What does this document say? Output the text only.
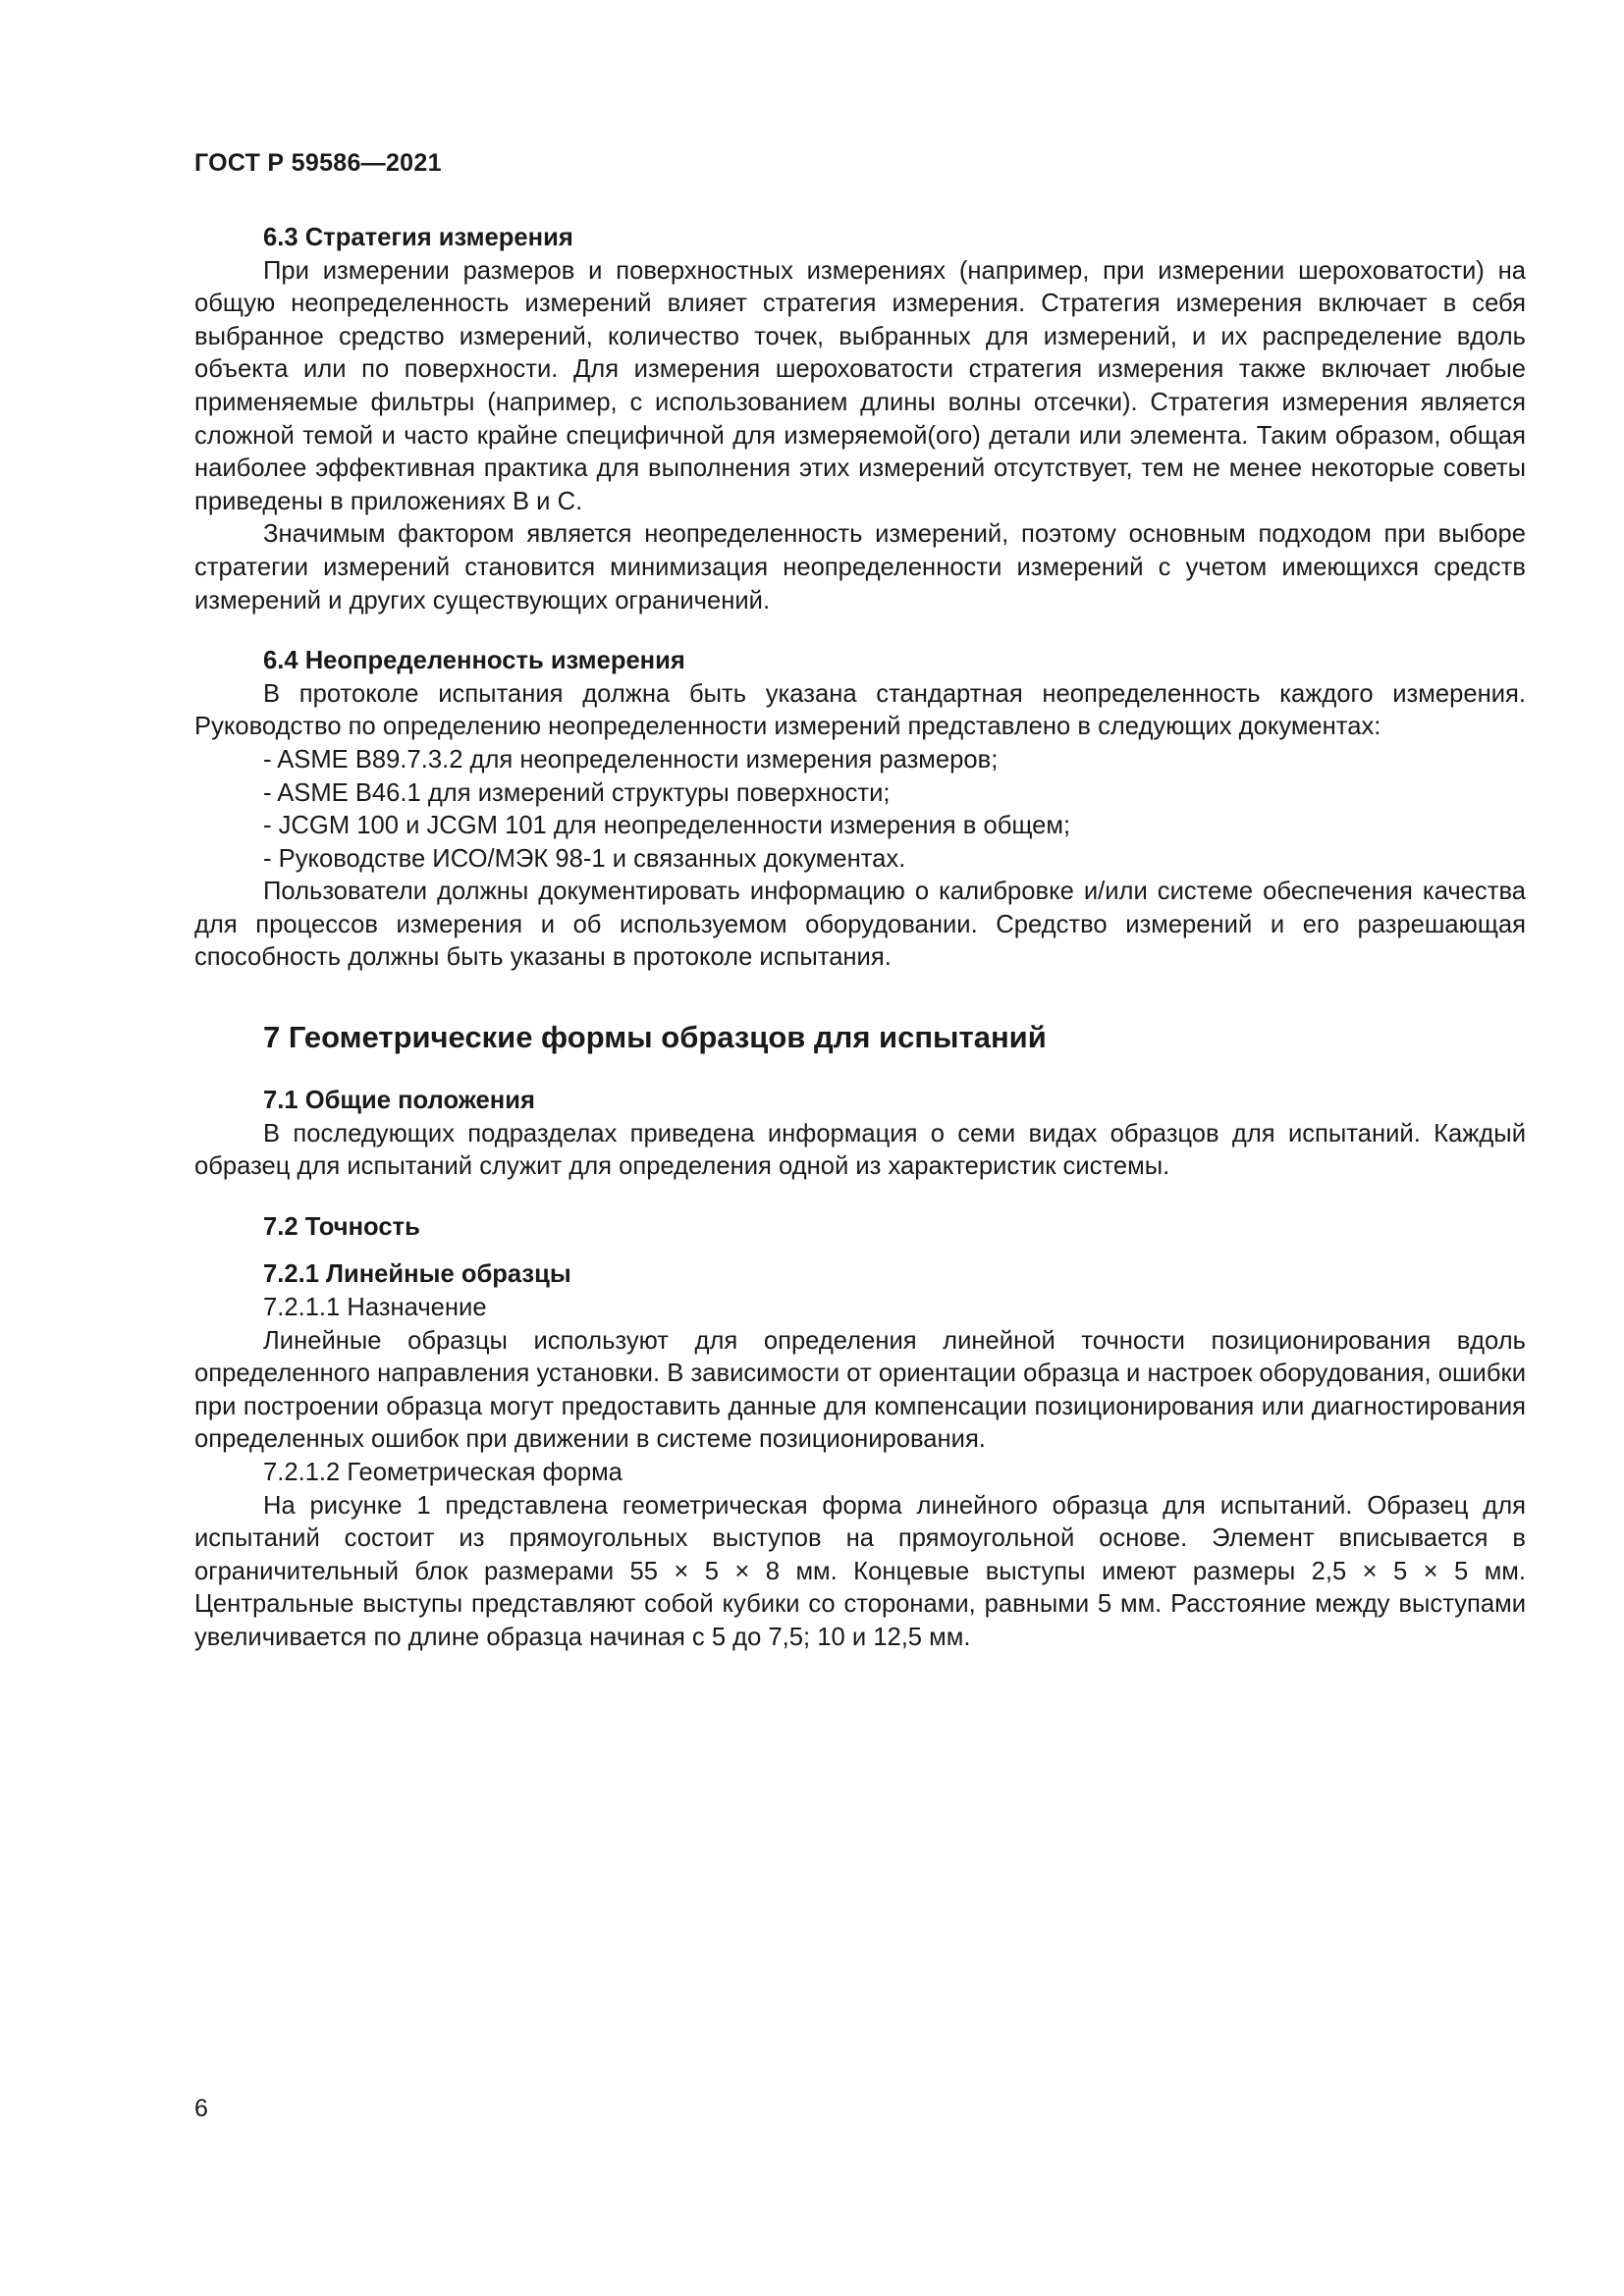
ГОСТ Р 59586—2021
6.3 Стратегия измерения

При измерении размеров и поверхностных измерениях (например, при измерении шероховатости) на общую неопределенность измерений влияет стратегия измерения. Стратегия измерения включает в себя выбранное средство измерений, количество точек, выбранных для измерений, и их распределение вдоль объекта или по поверхности. Для измерения шероховатости стратегия измерения также включает любые применяемые фильтры (например, с использованием длины волны отсечки). Стратегия измерения является сложной темой и часто крайне специфичной для измеряемой(ого) детали или элемента. Таким образом, общая наиболее эффективная практика для выполнения этих измерений отсутствует, тем не менее некоторые советы приведены в приложениях B и C.

Значимым фактором является неопределенность измерений, поэтому основным подходом при выборе стратегии измерений становится минимизация неопределенности измерений с учетом имеющихся средств измерений и других существующих ограничений.

6.4 Неопределенность измерения

В протоколе испытания должна быть указана стандартная неопределенность каждого измерения. Руководство по определению неопределенности измерений представлено в следующих документах:

- ASME B89.7.3.2 для неопределенности измерения размеров;
- ASME B46.1 для измерений структуры поверхности;
- JCGM 100 и JCGM 101 для неопределенности измерения в общем;
- Руководстве ИСО/МЭК 98-1 и связанных документах.

Пользователи должны документировать информацию о калибровке и/или системе обеспечения качества для процессов измерения и об используемом оборудовании. Средство измерений и его разрешающая способность должны быть указаны в протоколе испытания.

7 Геометрические формы образцов для испытаний
7.1 Общие положения

В последующих подразделах приведена информация о семи видах образцов для испытаний. Каждый образец для испытаний служит для определения одной из характеристик системы.

7.2 Точность
7.2.1 Линейные образцы
7.2.1.1 Назначение

Линейные образцы используют для определения линейной точности позиционирования вдоль определенного направления установки. В зависимости от ориентации образца и настроек оборудования, ошибки при построении образца могут предоставить данные для компенсации позиционирования или диагностирования определенных ошибок при движении в системе позиционирования.

7.2.1.2 Геометрическая форма

На рисунке 1 представлена геометрическая форма линейного образца для испытаний. Образец для испытаний состоит из прямоугольных выступов на прямоугольной основе. Элемент вписывается в ограничительный блок размерами 55 × 5 × 8 мм. Концевые выступы имеют размеры 2,5 × 5 × 5 мм. Центральные выступы представляют собой кубики со сторонами, равными 5 мм. Расстояние между выступами увеличивается по длине образца начиная с 5 до 7,5; 10 и 12,5 мм.

6
